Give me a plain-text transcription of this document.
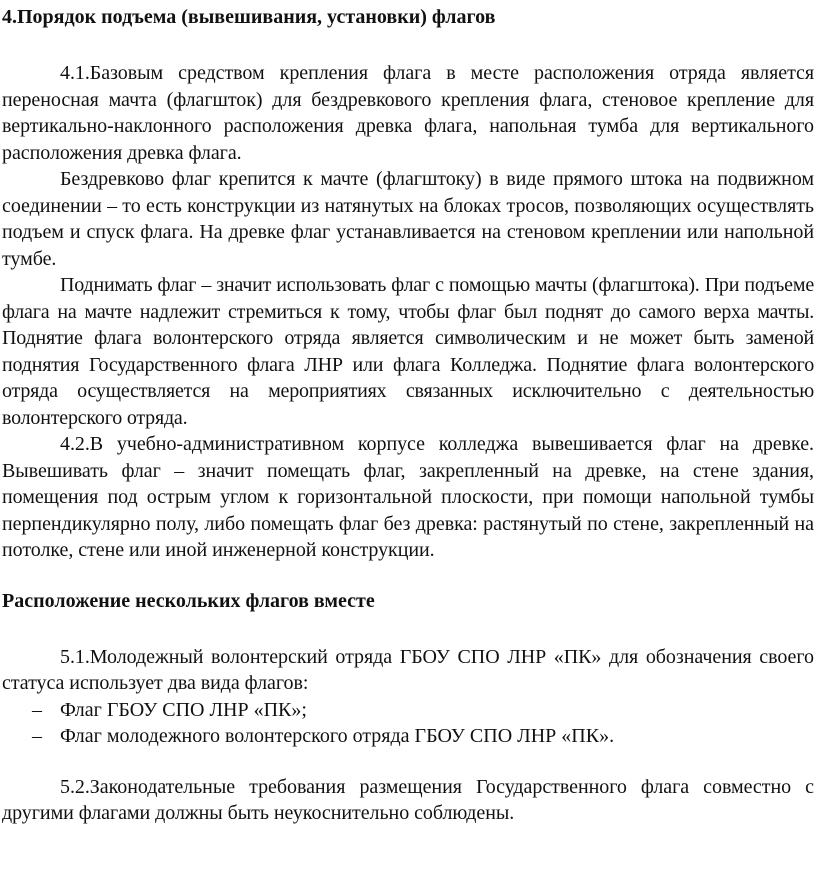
4.Порядок подъема (вывешивания, установки) флагов

4.1.Базовым средством крепления флага в месте расположения отряда является переносная мачта (флагшток) для бездревкового крепления флага, стеновое крепление для вертикально-наклонного расположения древка флага, напольная тумба для вертикального расположения древка флага.

Бездревково флаг крепится к мачте (флагштоку) в виде прямого штока на подвижном соединении – то есть конструкции из натянутых на блоках тросов, позволяющих осуществлять подъем и спуск флага. На древке флаг устанавливается на стеновом креплении или напольной тумбе.

Поднимать флаг – значит использовать флаг с помощью мачты (флагштока). При подъеме флага на мачте надлежит стремиться к тому, чтобы флаг был поднят до самого верха мачты. Поднятие флага волонтерского отряда является символическим и не может быть заменой поднятия Государственного флага ЛНР или флага Колледжа. Поднятие флага волонтерского отряда осуществляется на мероприятиях связанных исключительно с деятельностью волонтерского отряда.

4.2.В учебно-административном корпусе колледжа вывешивается флаг на древке. Вывешивать флаг – значит помещать флаг, закрепленный на древке, на стене здания, помещения под острым углом к горизонтальной плоскости, при помощи напольной тумбы перпендикулярно полу, либо помещать флаг без древка: растянутый по стене, закрепленный на потолке, стене или иной инженерной конструкции.

Расположение нескольких флагов вместе

5.1.Молодежный волонтерский отряда ГБОУ СПО ЛНР «ПК» для обозначения своего статуса использует два вида флагов:

– Флаг ГБОУ СПО ЛНР «ПК»;
– Флаг молодежного волонтерского отряда ГБОУ СПО ЛНР «ПК».

5.2.Законодательные требования размещения Государственного флага совместно с другими флагами должны быть неукоснительно соблюдены.
